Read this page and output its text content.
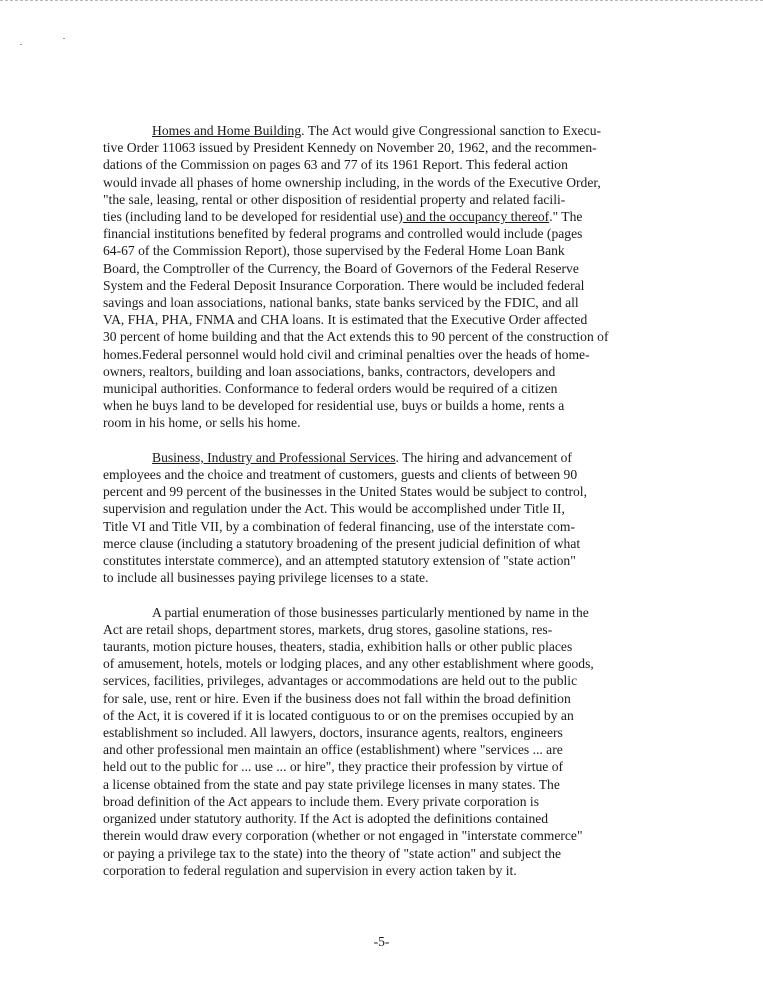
Homes and Home Building. The Act would give Congressional sanction to Execu-
tive Order 11063 issued by President Kennedy on November 20, 1962, and the recommen-
dations of the Commission on pages 63 and 77 of its 1961 Report. This federal action
would invade all phases of home ownership including, in the words of the Executive Order,
"the sale, leasing, rental or other disposition of residential property and related facili-
ties (including land to be developed for residential use) and the occupancy thereof." The
financial institutions benefited by federal programs and controlled would include (pages
64-67 of the Commission Report), those supervised by the Federal Home Loan Bank
Board, the Comptroller of the Currency, the Board of Governors of the Federal Reserve
System and the Federal Deposit Insurance Corporation. There would be included federal
savings and loan associations, national banks, state banks serviced by the FDIC, and all
VA, FHA, PHA, FNMA and CHA loans. It is estimated that the Executive Order affected
30 percent of home building and that the Act extends this to 90 percent of the construction of
homes.Federal personnel would hold civil and criminal penalties over the heads of home-
owners, realtors, building and loan associations, banks, contractors, developers and
municipal authorities. Conformance to federal orders would be required of a citizen
when he buys land to be developed for residential use, buys or builds a home, rents a
room in his home, or sells his home.

Business, Industry and Professional Services. The hiring and advancement of
employees and the choice and treatment of customers, guests and clients of between 90
percent and 99 percent of the businesses in the United States would be subject to control,
supervision and regulation under the Act. This would be accomplished under Title II,
Title VI and Title VII, by a combination of federal financing, use of the interstate com-
merce clause (including a statutory broadening of the present judicial definition of what
constitutes interstate commerce), and an attempted statutory extension of "state action"
to include all businesses paying privilege licenses to a state.

A partial enumeration of those businesses particularly mentioned by name in the
Act are retail shops, department stores, markets, drug stores, gasoline stations, res-
taurants, motion picture houses, theaters, stadia, exhibition halls or other public places
of amusement, hotels, motels or lodging places, and any other establishment where goods,
services, facilities, privileges, advantages or accommodations are held out to the public
for sale, use, rent or hire. Even if the business does not fall within the broad definition
of the Act, it is covered if it is located contiguous to or on the premises occupied by an
establishment so included. All lawyers, doctors, insurance agents, realtors, engineers
and other professional men maintain an office (establishment) where "services ... are
held out to the public for ... use ... or hire", they practice their profession by virtue of
a license obtained from the state and pay state privilege licenses in many states. The
broad definition of the Act appears to include them. Every private corporation is
organized under statutory authority. If the Act is adopted the definitions contained
therein would draw every corporation (whether or not engaged in "interstate commerce"
or paying a privilege tax to the state) into the theory of "state action" and subject the
corporation to federal regulation and supervision in every action taken by it.

-5-
